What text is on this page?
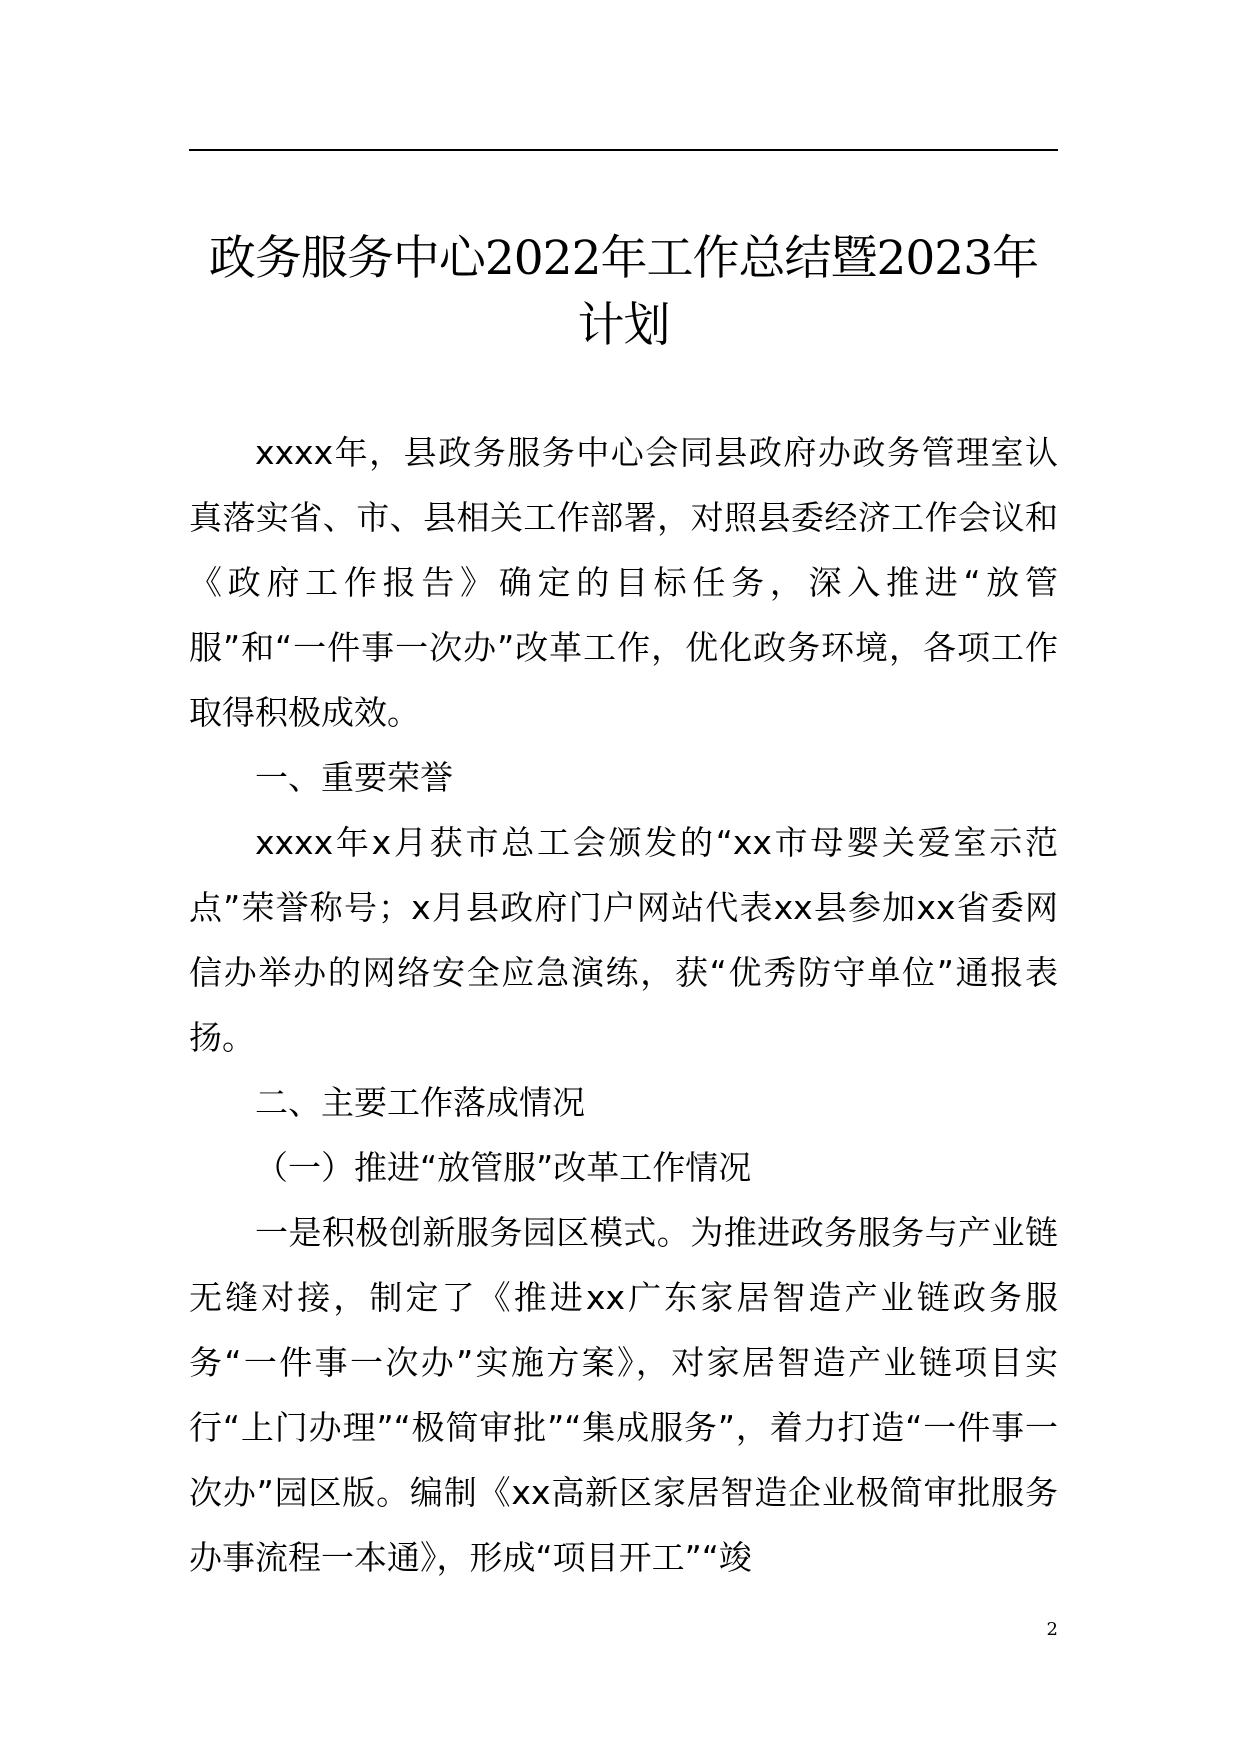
政务服务中心2022年工作总结暨2023年计划

xxxx年，县政务服务中心会同县政府办政务管理室认真落实省、市、县相关工作部署，对照县委经济工作会议和《政府工作报告》确定的目标任务，深入推进“放管服”和“一件事一次办”改革工作，优化政务环境，各项工作取得积极成效。

一、重要荣誉

xxxx年x月获市总工会颁发的“xx市母婴关爱室示范点”荣誉称号；x月县政府门户网站代表xx县参加xx省委网信办举办的网络安全应急演练，获“优秀防守单位”通报表扬。

二、主要工作落成情况

（一）推进“放管服”改革工作情况

一是积极创新服务园区模式。为推进政务服务与产业链无缝对接，制定了《推进xx广东家居智造产业链政务服务“一件事一次办”实施方案》，对家居智造产业链项目实行“上门办理”“极简审批”“集成服务”，着力打造“一件事一次办”园区版。编制《xx高新区家居智造企业极简审批服务办事流程一本通》，形成“项目开工”“竣

2
